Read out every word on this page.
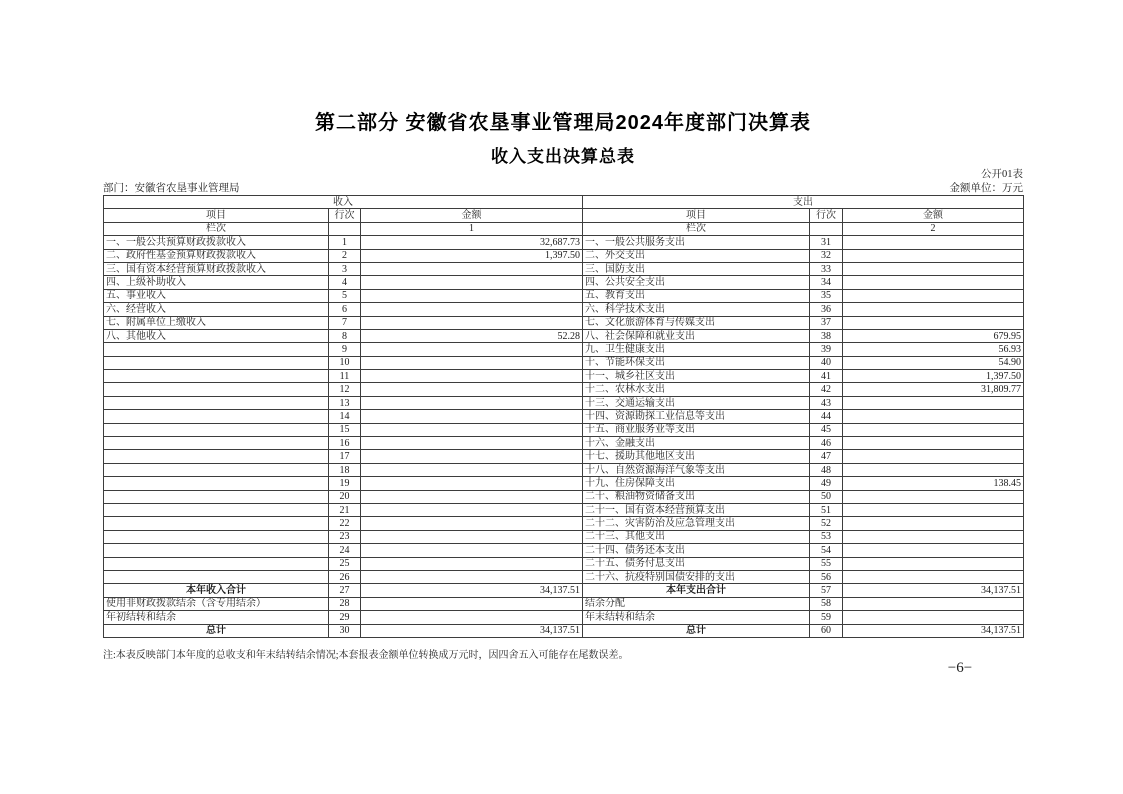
第二部分 安徽省农垦事业管理局2024年度部门决算表
收入支出决算总表
公开01表
部门：安徽省农垦事业管理局	金额单位：万元
收入			支出		
项目	行次	金额	项目	行次	金额
栏次		1	栏次		2
一、一般公共预算财政拨款收入	1	32,687.73	一、一般公共服务支出	31	
二、政府性基金预算财政拨款收入	2	1,397.50	二、外交支出	32	
三、国有资本经营预算财政拨款收入	3		三、国防支出	33	
四、上级补助收入	4		四、公共安全支出	34	
五、事业收入	5		五、教育支出	35	
六、经营收入	6		六、科学技术支出	36	
七、附属单位上缴收入	7		七、文化旅游体育与传媒支出	37	
八、其他收入	8	52.28	八、社会保障和就业支出	38	679.95
	9		九、卫生健康支出	39	56.93
	10		十、节能环保支出	40	54.90
	11		十一、城乡社区支出	41	1,397.50
	12		十二、农林水支出	42	31,809.77
	13		十三、交通运输支出	43	
	14		十四、资源勘探工业信息等支出	44	
	15		十五、商业服务业等支出	45	
	16		十六、金融支出	46	
	17		十七、援助其他地区支出	47	
	18		十八、自然资源海洋气象等支出	48	
	19		十九、住房保障支出	49	138.45
	20		二十、粮油物资储备支出	50	
	21		二十一、国有资本经营预算支出	51	
	22		二十二、灾害防治及应急管理支出	52	
	23		二十三、其他支出	53	
	24		二十四、债务还本支出	54	
	25		二十五、债务付息支出	55	
	26		二十六、抗疫特别国债安排的支出	56	
本年收入合计	27	34,137.51	本年支出合计	57	34,137.51
使用非财政拨款结余（含专用结余）	28		结余分配	58	
年初结转和结余	29		年末结转和结余	59	
总计	30	34,137.51	总计	60	34,137.51
注:本表反映部门本年度的总收支和年末结转结余情况;本套报表金额单位转换成万元时，因四舍五入可能存在尾数误差。
−6−
